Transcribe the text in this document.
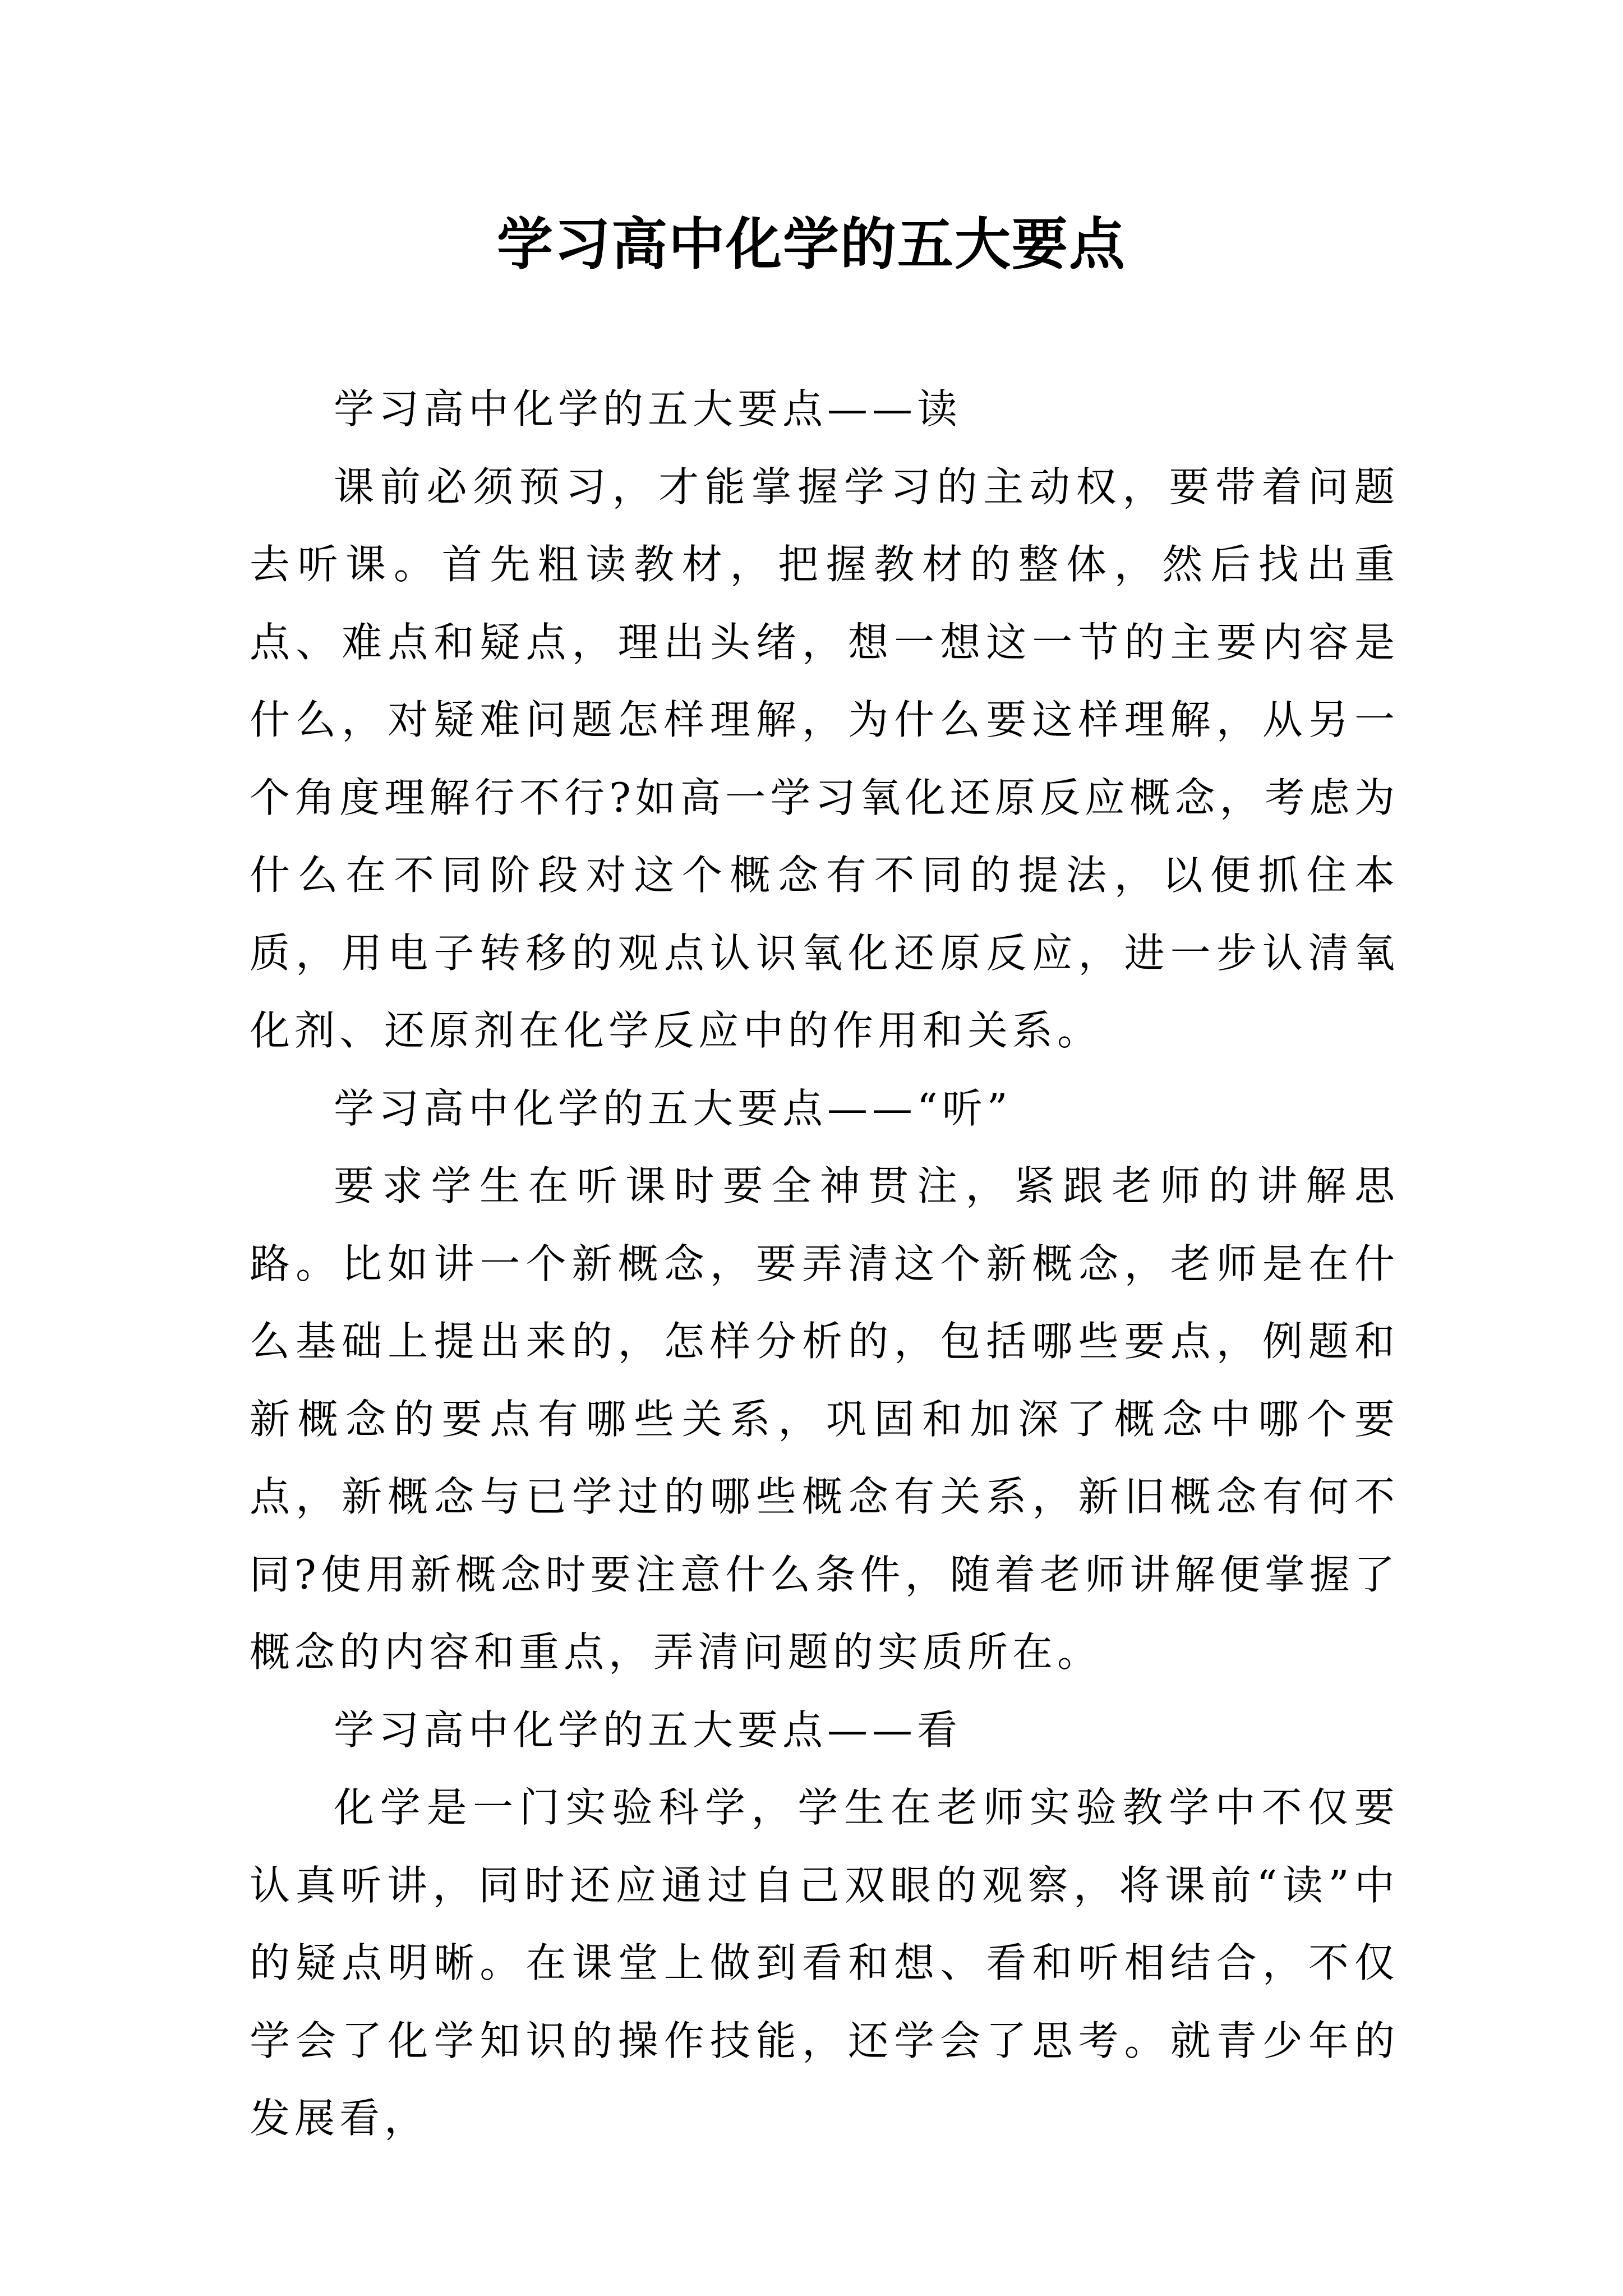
学习高中化学的五大要点

学习高中化学的五大要点——读

课前必须预习，才能掌握学习的主动权，要带着问题去听课。首先粗读教材，把握教材的整体，然后找出重点、难点和疑点，理出头绪，想一想这一节的主要内容是什么，对疑难问题怎样理解，为什么要这样理解，从另一个角度理解行不行?如高一学习氧化还原反应概念，考虑为什么在不同阶段对这个概念有不同的提法，以便抓住本质，用电子转移的观点认识氧化还原反应，进一步认清氧化剂、还原剂在化学反应中的作用和关系。

学习高中化学的五大要点——“听”

要求学生在听课时要全神贯注，紧跟老师的讲解思路。比如讲一个新概念，要弄清这个新概念，老师是在什么基础上提出来的，怎样分析的，包括哪些要点，例题和新概念的要点有哪些关系，巩固和加深了概念中哪个要点，新概念与已学过的哪些概念有关系，新旧概念有何不同?使用新概念时要注意什么条件，随着老师讲解便掌握了概念的内容和重点，弄清问题的实质所在。

学习高中化学的五大要点——看

化学是一门实验科学，学生在老师实验教学中不仅要认真听讲，同时还应通过自己双眼的观察，将课前“读”中的疑点明晰。在课堂上做到看和想、看和听相结合，不仅学会了化学知识的操作技能，还学会了思考。就青少年的发展看，
